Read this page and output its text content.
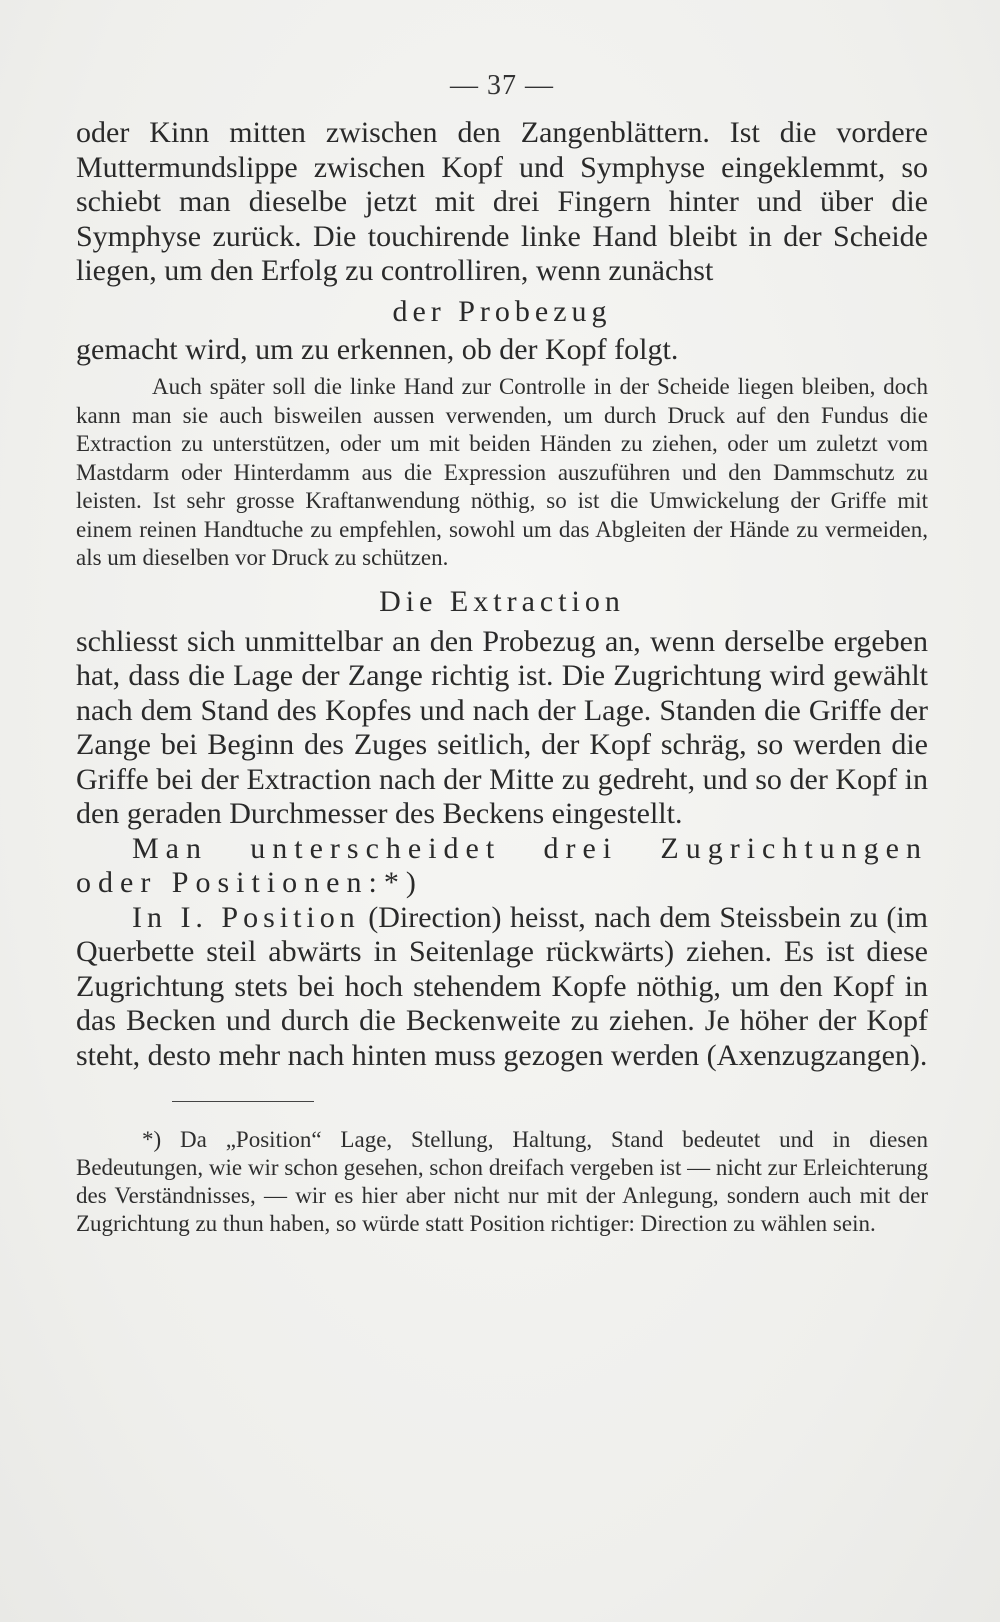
— 37 —

oder Kinn mitten zwischen den Zangenblättern. Ist die vordere Muttermundslippe zwischen Kopf und Symphyse eingeklemmt, so schiebt man dieselbe jetzt mit drei Fingern hinter und über die Symphyse zurück. Die touchirende linke Hand bleibt in der Scheide liegen, um den Erfolg zu controlliren, wenn zunächst

der Probezug

gemacht wird, um zu erkennen, ob der Kopf folgt.

Auch später soll die linke Hand zur Controlle in der Scheide liegen bleiben, doch kann man sie auch bisweilen aussen verwenden, um durch Druck auf den Fundus die Extraction zu unterstützen, oder um mit beiden Händen zu ziehen, oder um zuletzt vom Mastdarm oder Hinterdamm aus die Expression auszuführen und den Dammschutz zu leisten. Ist sehr grosse Kraftanwendung nöthig, so ist die Umwickelung der Griffe mit einem reinen Handtuche zu empfehlen, sowohl um das Abgleiten der Hände zu vermeiden, als um dieselben vor Druck zu schützen.

Die Extraction

schliesst sich unmittelbar an den Probezug an, wenn derselbe ergeben hat, dass die Lage der Zange richtig ist. Die Zugrichtung wird gewählt nach dem Stand des Kopfes und nach der Lage. Standen die Griffe der Zange bei Beginn des Zuges seitlich, der Kopf schräg, so werden die Griffe bei der Extraction nach der Mitte zu gedreht, und so der Kopf in den geraden Durchmesser des Beckens eingestellt.

Man unterscheidet drei Zugrichtungen oder Positionen:*)

In I. Position (Direction) heisst, nach dem Steissbein zu (im Querbette steil abwärts in Seitenlage rückwärts) ziehen. Es ist diese Zugrichtung stets bei hoch stehendem Kopfe nöthig, um den Kopf in das Becken und durch die Beckenweite zu ziehen. Je höher der Kopf steht, desto mehr nach hinten muss gezogen werden (Axenzugzangen).

*) Da „Position“ Lage, Stellung, Haltung, Stand bedeutet und in diesen Bedeutungen, wie wir schon gesehen, schon dreifach vergeben ist — nicht zur Erleichterung des Verständnisses, — wir es hier aber nicht nur mit der Anlegung, sondern auch mit der Zugrichtung zu thun haben, so würde statt Position richtiger: Direction zu wählen sein.
